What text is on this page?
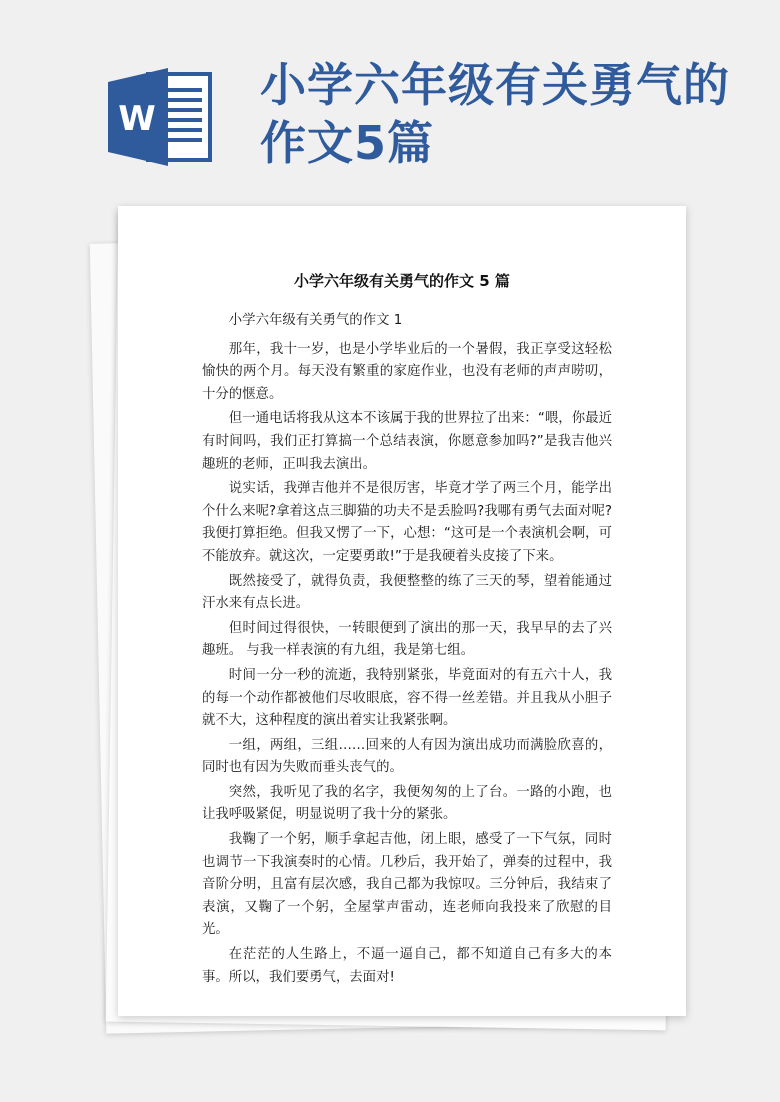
W
小学六年级有关勇气的作文5篇
小学六年级有关勇气的作文 5 篇

小学六年级有关勇气的作文 1

那年，我十一岁，也是小学毕业后的一个暑假，我正享受这轻松愉快的两个月。每天没有繁重的家庭作业，也没有老师的声声唠叨，十分的惬意。

但一通电话将我从这本不该属于我的世界拉了出来：“喂，你最近有时间吗，我们正打算搞一个总结表演，你愿意参加吗?”是我吉他兴趣班的老师，正叫我去演出。

说实话，我弹吉他并不是很厉害，毕竟才学了两三个月，能学出个什么来呢?拿着这点三脚猫的功夫不是丢脸吗?我哪有勇气去面对呢?我便打算拒绝。但我又愣了一下，心想：“这可是一个表演机会啊，可不能放弃。就这次，一定要勇敢!”于是我硬着头皮接了下来。

既然接受了，就得负责，我便整整的练了三天的琴，望着能通过汗水来有点长进。

但时间过得很快，一转眼便到了演出的那一天，我早早的去了兴趣班。 与我一样表演的有九组，我是第七组。

时间一分一秒的流逝，我特别紧张，毕竟面对的有五六十人，我的每一个动作都被他们尽收眼底，容不得一丝差错。并且我从小胆子就不大，这种程度的演出着实让我紧张啊。

一组，两组，三组……回来的人有因为演出成功而满脸欣喜的，同时也有因为失败而垂头丧气的。

突然，我听见了我的名字，我便匆匆的上了台。一路的小跑，也让我呼吸紧促，明显说明了我十分的紧张。

我鞠了一个躬，顺手拿起吉他，闭上眼，感受了一下气氛，同时也调节一下我演奏时的心情。几秒后，我开始了，弹奏的过程中，我音阶分明，且富有层次感，我自己都为我惊叹。三分钟后，我结束了表演，又鞠了一个躬，全屋掌声雷动，连老师向我投来了欣慰的目光。

在茫茫的人生路上，不逼一逼自己，都不知道自己有多大的本事。所以，我们要勇气，去面对!
